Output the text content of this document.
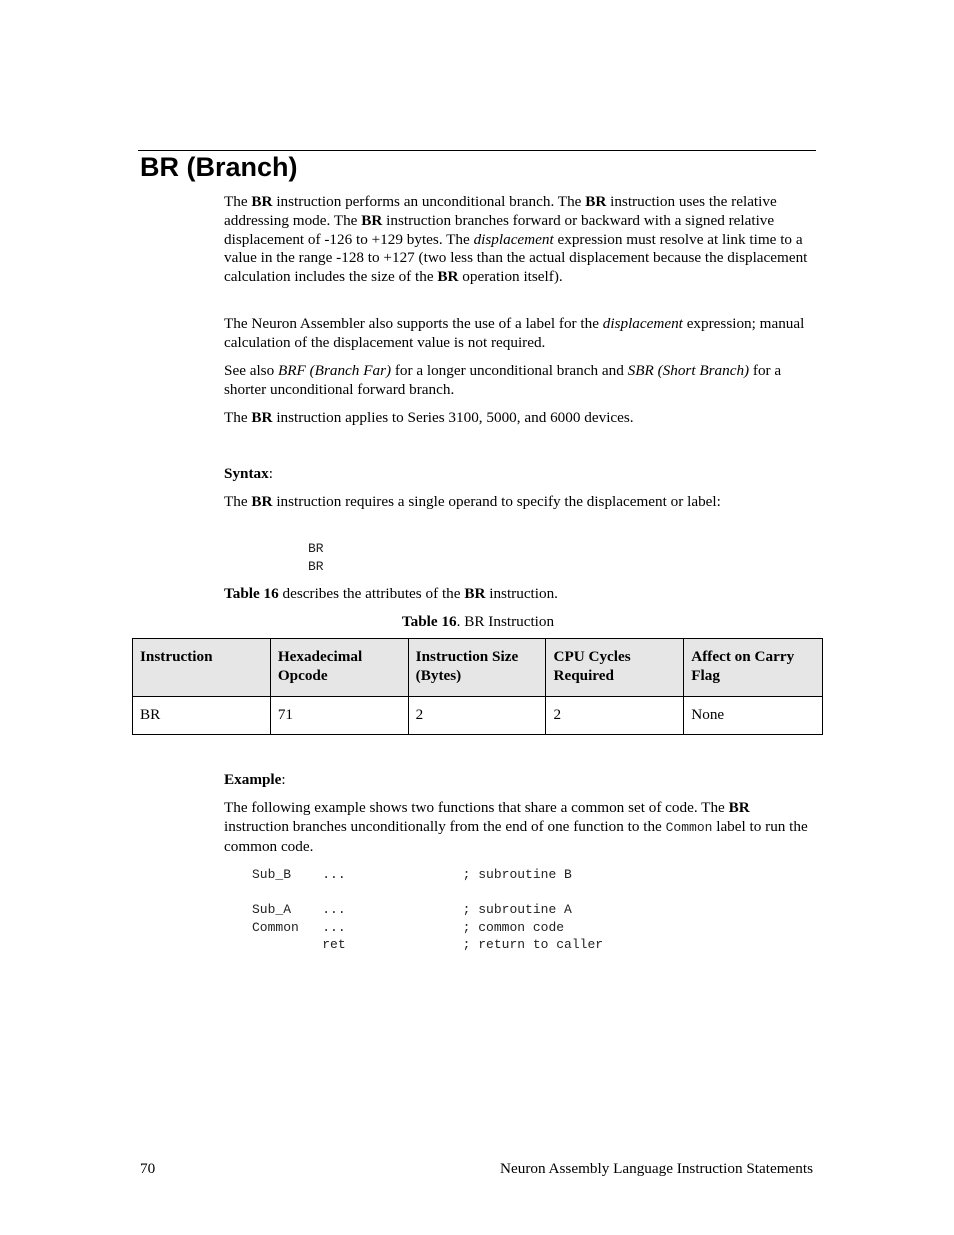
BR (Branch)

The BR instruction performs an unconditional branch. The BR instruction uses the relative addressing mode. The BR instruction branches forward or backward with a signed relative displacement of -126 to +129 bytes. The displacement expression must resolve at link time to a value in the range -128 to +127 (two less than the actual displacement because the displacement calculation includes the size of the BR operation itself).

The Neuron Assembler also supports the use of a label for the displacement expression; manual calculation of the displacement value is not required.

See also BRF (Branch Far) for a longer unconditional branch and SBR (Short Branch) for a shorter unconditional forward branch.

The BR instruction applies to Series 3100, 5000, and 6000 devices.

Syntax:

The BR instruction requires a single operand to specify the displacement or label:

BR
BR

Table 16 describes the attributes of the BR instruction.

Table 16. BR Instruction
Instruction	Hexadecimal Opcode	Instruction Size (Bytes)	CPU Cycles Required	Affect on Carry Flag
BR	71	2	2	None

Example:

The following example shows two functions that share a common set of code. The BR instruction branches unconditionally from the end of one function to the Common label to run the common code.

Sub_B    ...               ; subroutine B

Sub_A    ...               ; subroutine A
Common   ...               ; common code
ret               ; return to caller
70	Neuron Assembly Language Instruction Statements
